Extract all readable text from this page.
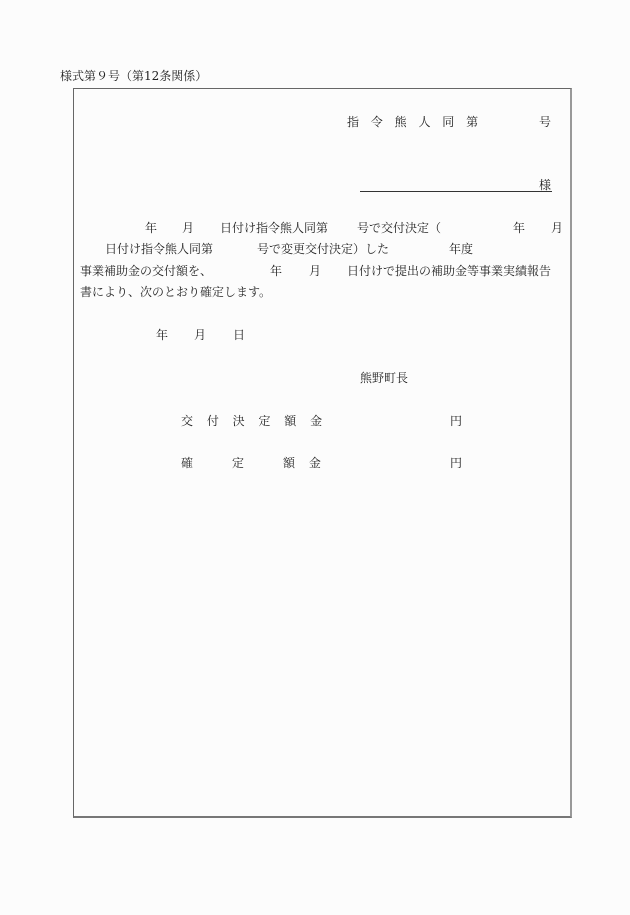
様式第９号（第12条関係）
指 令 熊 人 同 第	号
様
年 月 日付け指令熊人同第 号で交付決定（	年 月
日付け指令熊人同第	号で変更交付決定）した	年度
事業補助金の交付額を、	年 月 日付けで提出の補助金等事業実績報告
書により、次のとおり確定します。
年 月 日
熊野町長
交 付 決 定 額 金	円
確　　定　　額 金	円
